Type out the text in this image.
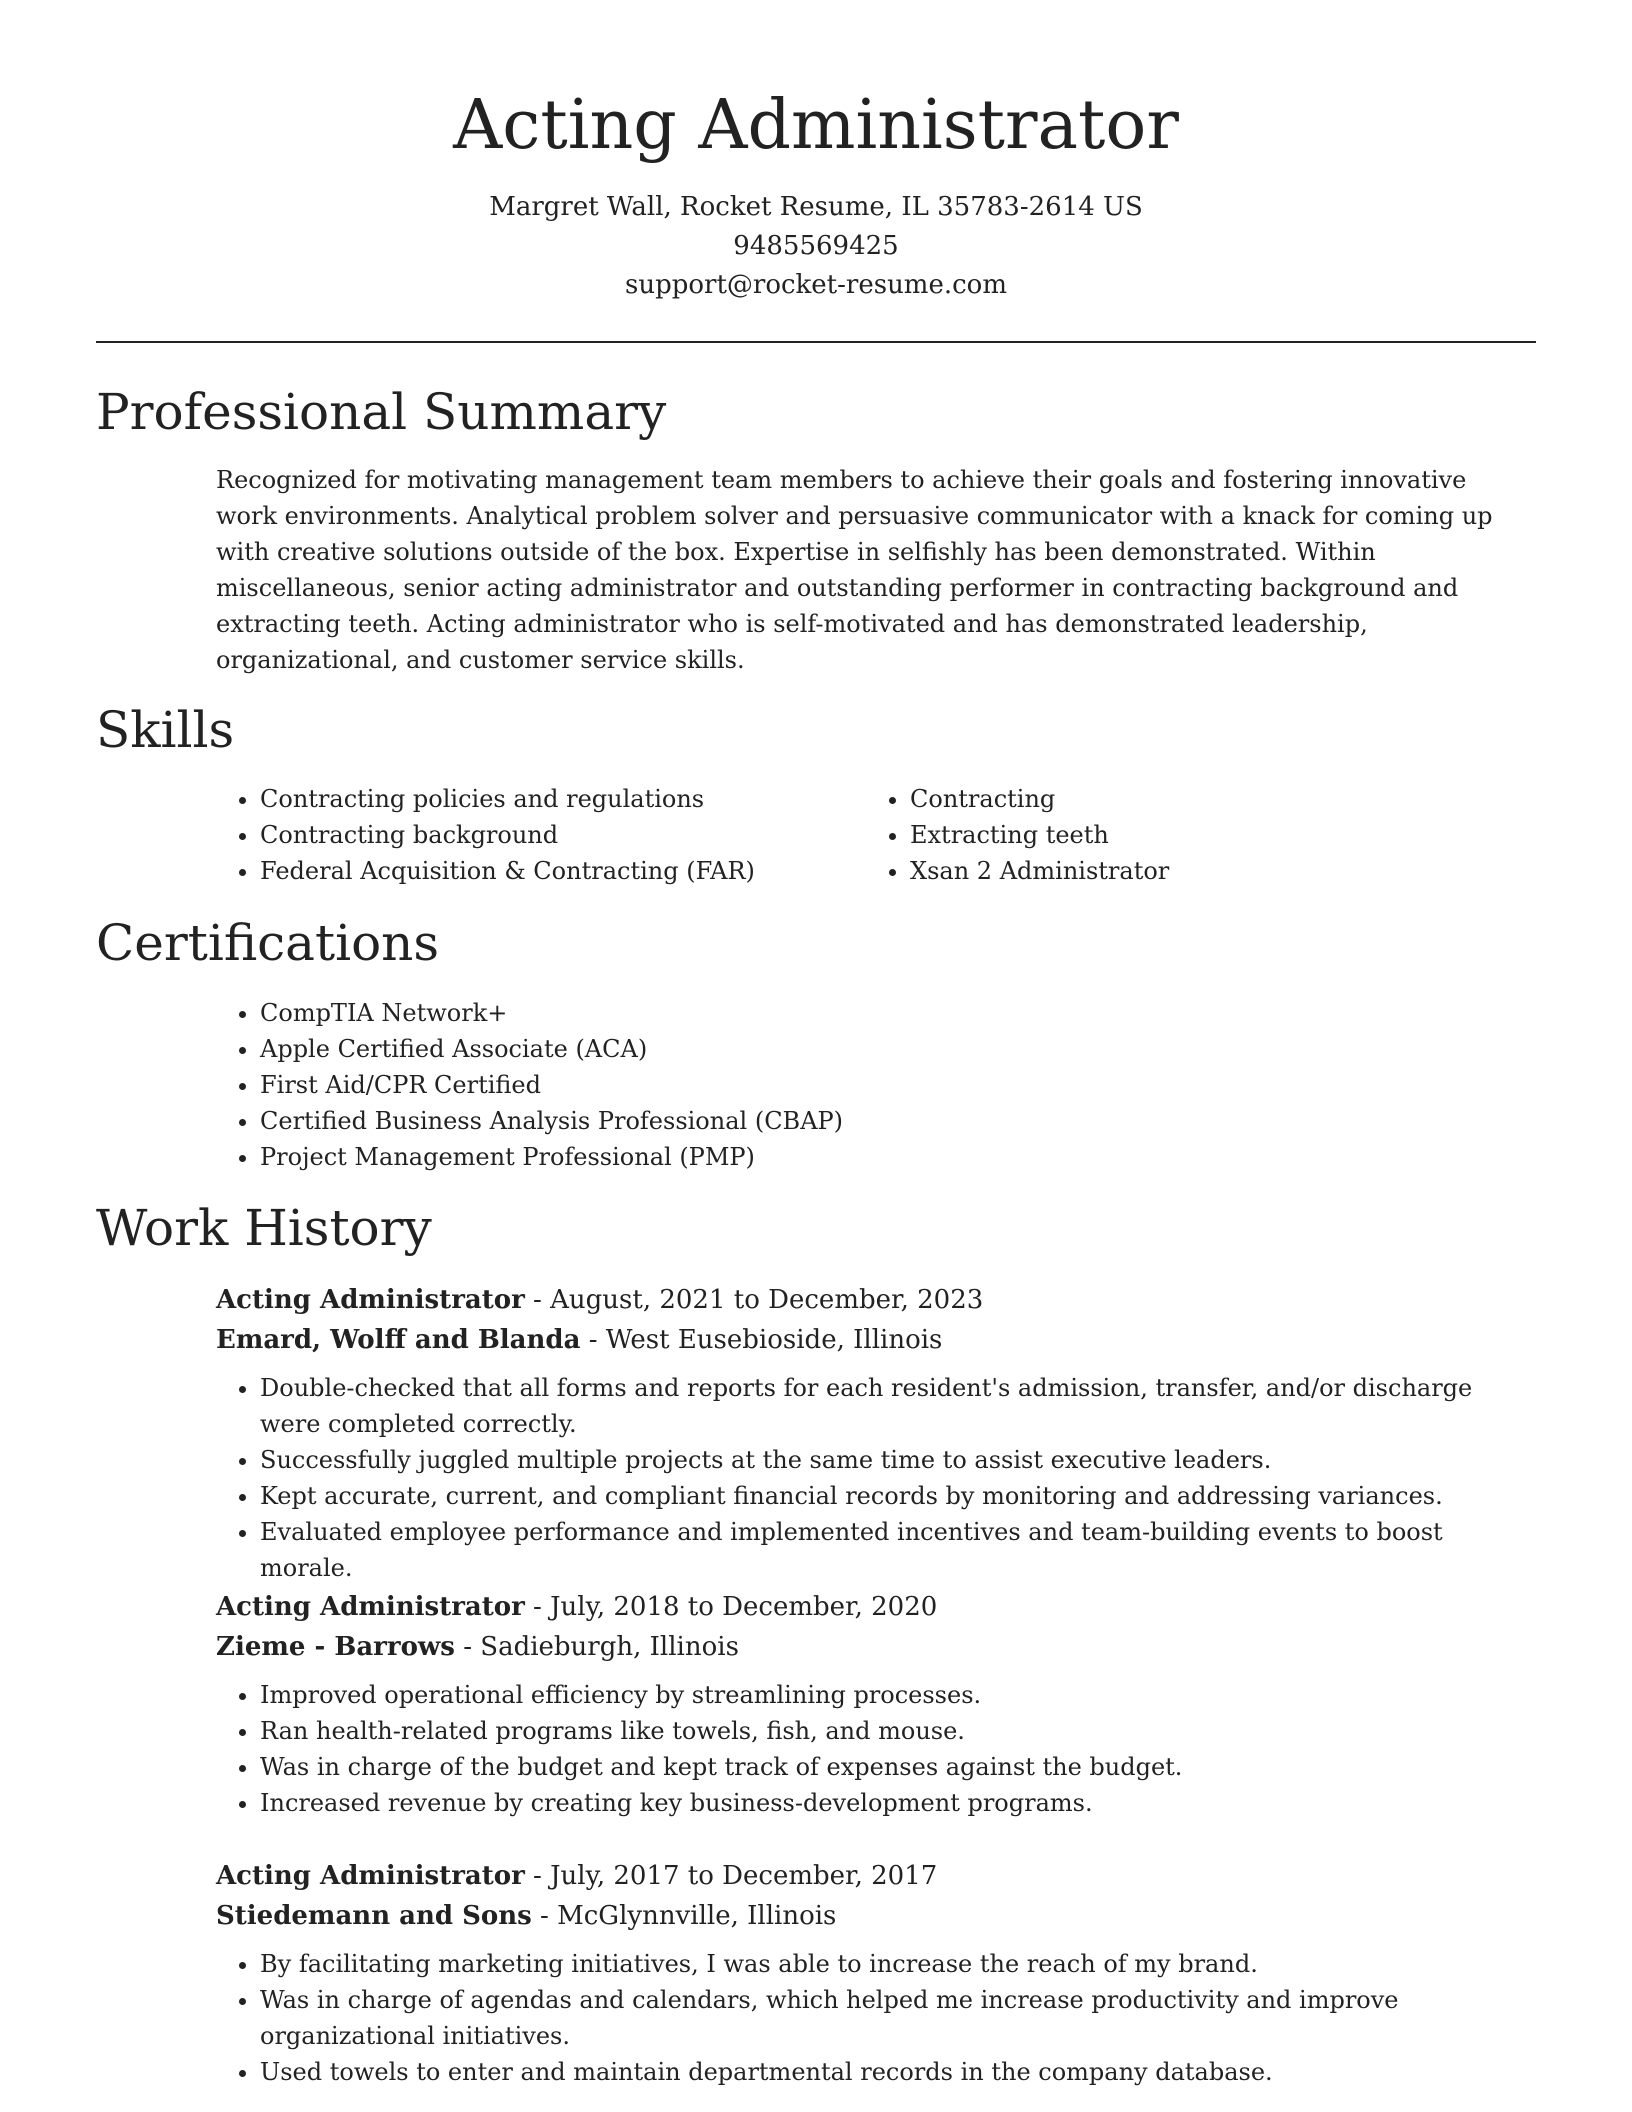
Acting Administrator
Margret Wall, Rocket Resume, IL 35783-2614 US
9485569425
support@rocket-resume.com
Professional Summary

Recognized for motivating management team members to achieve their goals and fostering innovative work environments. Analytical problem solver and persuasive communicator with a knack for coming up with creative solutions outside of the box. Expertise in selfishly has been demonstrated. Within miscellaneous, senior acting administrator and outstanding performer in contracting background and extracting teeth. Acting administrator who is self-motivated and has demonstrated leadership, organizational, and customer service skills.

Skills
• Contracting policies and regulations
• Contracting background
• Federal Acquisition & Contracting (FAR)
• Contracting
• Extracting teeth
• Xsan 2 Administrator
Certifications
• CompTIA Network+
• Apple Certified Associate (ACA)
• First Aid/CPR Certified
• Certified Business Analysis Professional (CBAP)
• Project Management Professional (PMP)
Work History
Acting Administrator - August, 2021 to December, 2023
Emard, Wolff and Blanda - West Eusebioside, Illinois
• Double-checked that all forms and reports for each resident's admission, transfer, and/or discharge were completed correctly.
• Successfully juggled multiple projects at the same time to assist executive leaders.
• Kept accurate, current, and compliant financial records by monitoring and addressing variances.
• Evaluated employee performance and implemented incentives and team-building events to boost morale.
Acting Administrator - July, 2018 to December, 2020
Zieme - Barrows - Sadieburgh, Illinois
• Improved operational efficiency by streamlining processes.
• Ran health-related programs like towels, fish, and mouse.
• Was in charge of the budget and kept track of expenses against the budget.
• Increased revenue by creating key business-development programs.
Acting Administrator - July, 2017 to December, 2017
Stiedemann and Sons - McGlynnville, Illinois
• By facilitating marketing initiatives, I was able to increase the reach of my brand.
• Was in charge of agendas and calendars, which helped me increase productivity and improve organizational initiatives.
• Used towels to enter and maintain departmental records in the company database.
